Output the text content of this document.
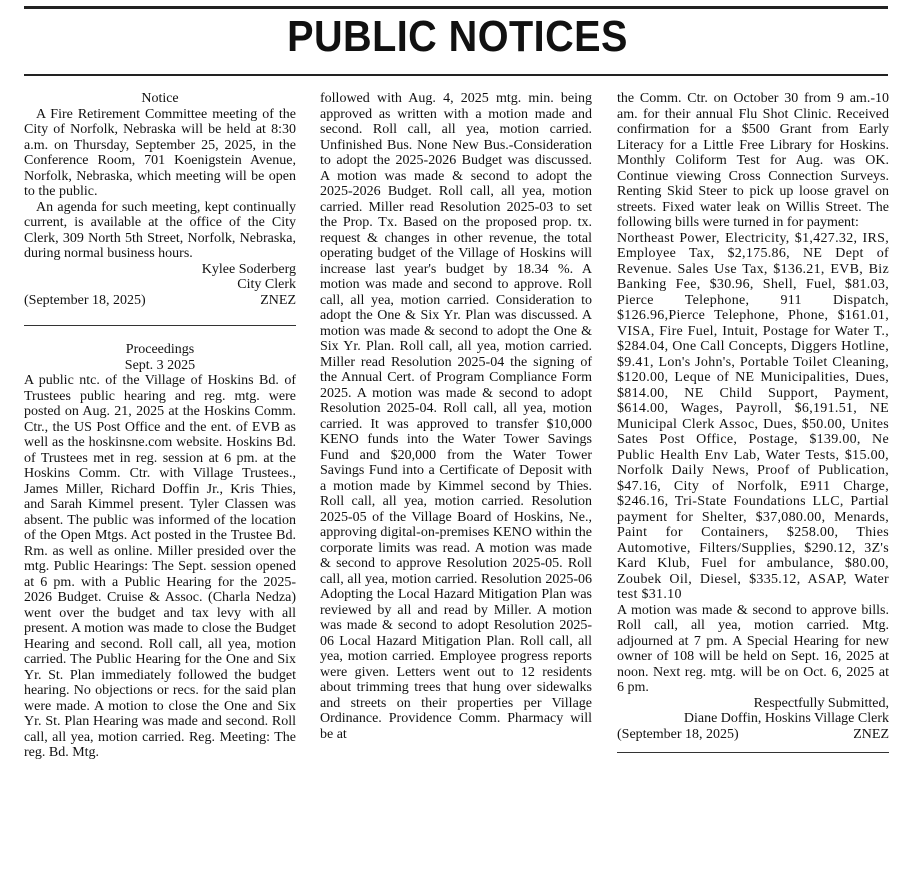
PUBLIC NOTICES

Notice

A Fire Retirement Committee meeting of the City of Norfolk, Nebraska will be held at 8:30 a.m. on Thursday, September 25, 2025, in the Conference Room, 701 Koenigstein Avenue, Norfolk, Nebraska, which meeting will be open to the public.

An agenda for such meeting, kept continually current, is available at the office of the City Clerk, 309 North 5th Street, Norfolk, Nebraska, during normal business hours.

Kylee Soderberg

City Clerk

(September 18, 2025)	ZNEZ

Proceedings

Sept. 3 2025

A public ntc. of the Village of Hoskins Bd. of Trustees public hearing and reg. mtg. were posted on Aug. 21, 2025 at the Hoskins Comm. Ctr., the US Post Office and the ent. of EVB as well as the hoskinsne.com website. Hoskins Bd. of Trustees met in reg. session at 6 pm. at the Hoskins Comm. Ctr. with Village Trustees., James Miller, Richard Doffin Jr., Kris Thies, and Sarah Kimmel present. Tyler Classen was absent. The public was informed of the location of the Open Mtgs. Act posted in the Trustee Bd. Rm. as well as online. Miller presided over the mtg. Public Hearings: The Sept. session opened at 6 pm. with a Public Hearing for the 2025-2026 Budget. Cruise & Assoc. (Charla Nedza) went over the budget and tax levy with all present. A motion was made to close the Budget Hearing and second. Roll call, all yea, motion carried. The Public Hearing for the One and Six Yr. St. Plan immediately followed the budget hearing. No objections or recs. for the said plan were made. A motion to close the One and Six Yr. St. Plan Hearing was made and second. Roll call, all yea, motion carried. Reg. Meeting: The reg. Bd. Mtg.

followed with Aug. 4, 2025 mtg. min. being approved as written with a motion made and second. Roll call, all yea, motion carried. Unfinished Bus. None New Bus.-Consideration to adopt the 2025-2026 Budget was discussed. A motion was made & second to adopt the 2025-2026 Budget. Roll call, all yea, motion carried. Miller read Resolution 2025-03 to set the Prop. Tx. Based on the proposed prop. tx. request & changes in other revenue, the total operating budget of the Village of Hoskins will increase last year's budget by 18.34 %. A motion was made and second to approve. Roll call, all yea, motion carried. Consideration to adopt the One & Six Yr. Plan was discussed. A motion was made & second to adopt the One & Six Yr. Plan. Roll call, all yea, motion carried. Miller read Resolution 2025-04 the signing of the Annual Cert. of Program Compliance Form 2025. A motion was made & second to adopt Resolution 2025-04. Roll call, all yea, motion carried. It was approved to transfer $10,000 KENO funds into the Water Tower Savings Fund and $20,000 from the Water Tower Savings Fund into a Certificate of Deposit with a motion made by Kimmel second by Thies. Roll call, all yea, motion carried. Resolution 2025-05 of the Village Board of Hoskins, Ne., approving digital-on-premises KENO within the corporate limits was read. A motion was made & second to approve Resolution 2025-05. Roll call, all yea, motion carried. Resolution 2025-06 Adopting the Local Hazard Mitigation Plan was reviewed by all and read by Miller. A motion was made & second to adopt Resolution 2025-06 Local Hazard Mitigation Plan. Roll call, all yea, motion carried. Employee progress reports were given. Letters went out to 12 residents about trimming trees that hung over sidewalks and streets on their properties per Village Ordinance. Providence Comm. Pharmacy will be at

the Comm. Ctr. on October 30 from 9 am.-10 am. for their annual Flu Shot Clinic. Received confirmation for a $500 Grant from Early Literacy for a Little Free Library for Hoskins. Monthly Coliform Test for Aug. was OK. Continue viewing Cross Connection Surveys. Renting Skid Steer to pick up loose gravel on streets. Fixed water leak on Willis Street. The following bills were turned in for payment:

Northeast Power, Electricity, $1,427.32, IRS, Employee Tax, $2,175.86, NE Dept of Revenue. Sales Use Tax, $136.21, EVB, Biz Banking Fee, $30.96, Shell, Fuel, $81.03, Pierce Telephone, 911 Dispatch, $126.96,Pierce Telephone, Phone, $161.01, VISA, Fire Fuel, Intuit, Postage for Water T., $284.04, One Call Concepts, Diggers Hotline, $9.41, Lon's John's, Portable Toilet Cleaning, $120.00, Leque of NE Municipalities, Dues, $814.00, NE Child Support, Payment, $614.00, Wages, Payroll, $6,191.51, NE Municipal Clerk Assoc, Dues, $50.00, Unites Sates Post Office, Postage, $139.00, Ne Public Health Env Lab, Water Tests, $15.00, Norfolk Daily News, Proof of Publication, $47.16, City of Norfolk, E911 Charge, $246.16, Tri-State Foundations LLC, Partial payment for Shelter, $37,080.00, Menards, Paint for Containers, $258.00, Thies Automotive, Filters/Supplies, $290.12, 3Z's Kard Klub, Fuel for ambulance, $80.00, Zoubek Oil, Diesel, $335.12, ASAP, Water test $31.10

A motion was made & second to approve bills. Roll call, all yea, motion carried. Mtg. adjourned at 7 pm. A Special Hearing for new owner of 108 will be held on Sept. 16, 2025 at noon. Next reg. mtg. will be on Oct. 6, 2025 at 6 pm.

Respectfully Submitted,

Diane Doffin, Hoskins Village Clerk

(September 18, 2025)	ZNEZ
